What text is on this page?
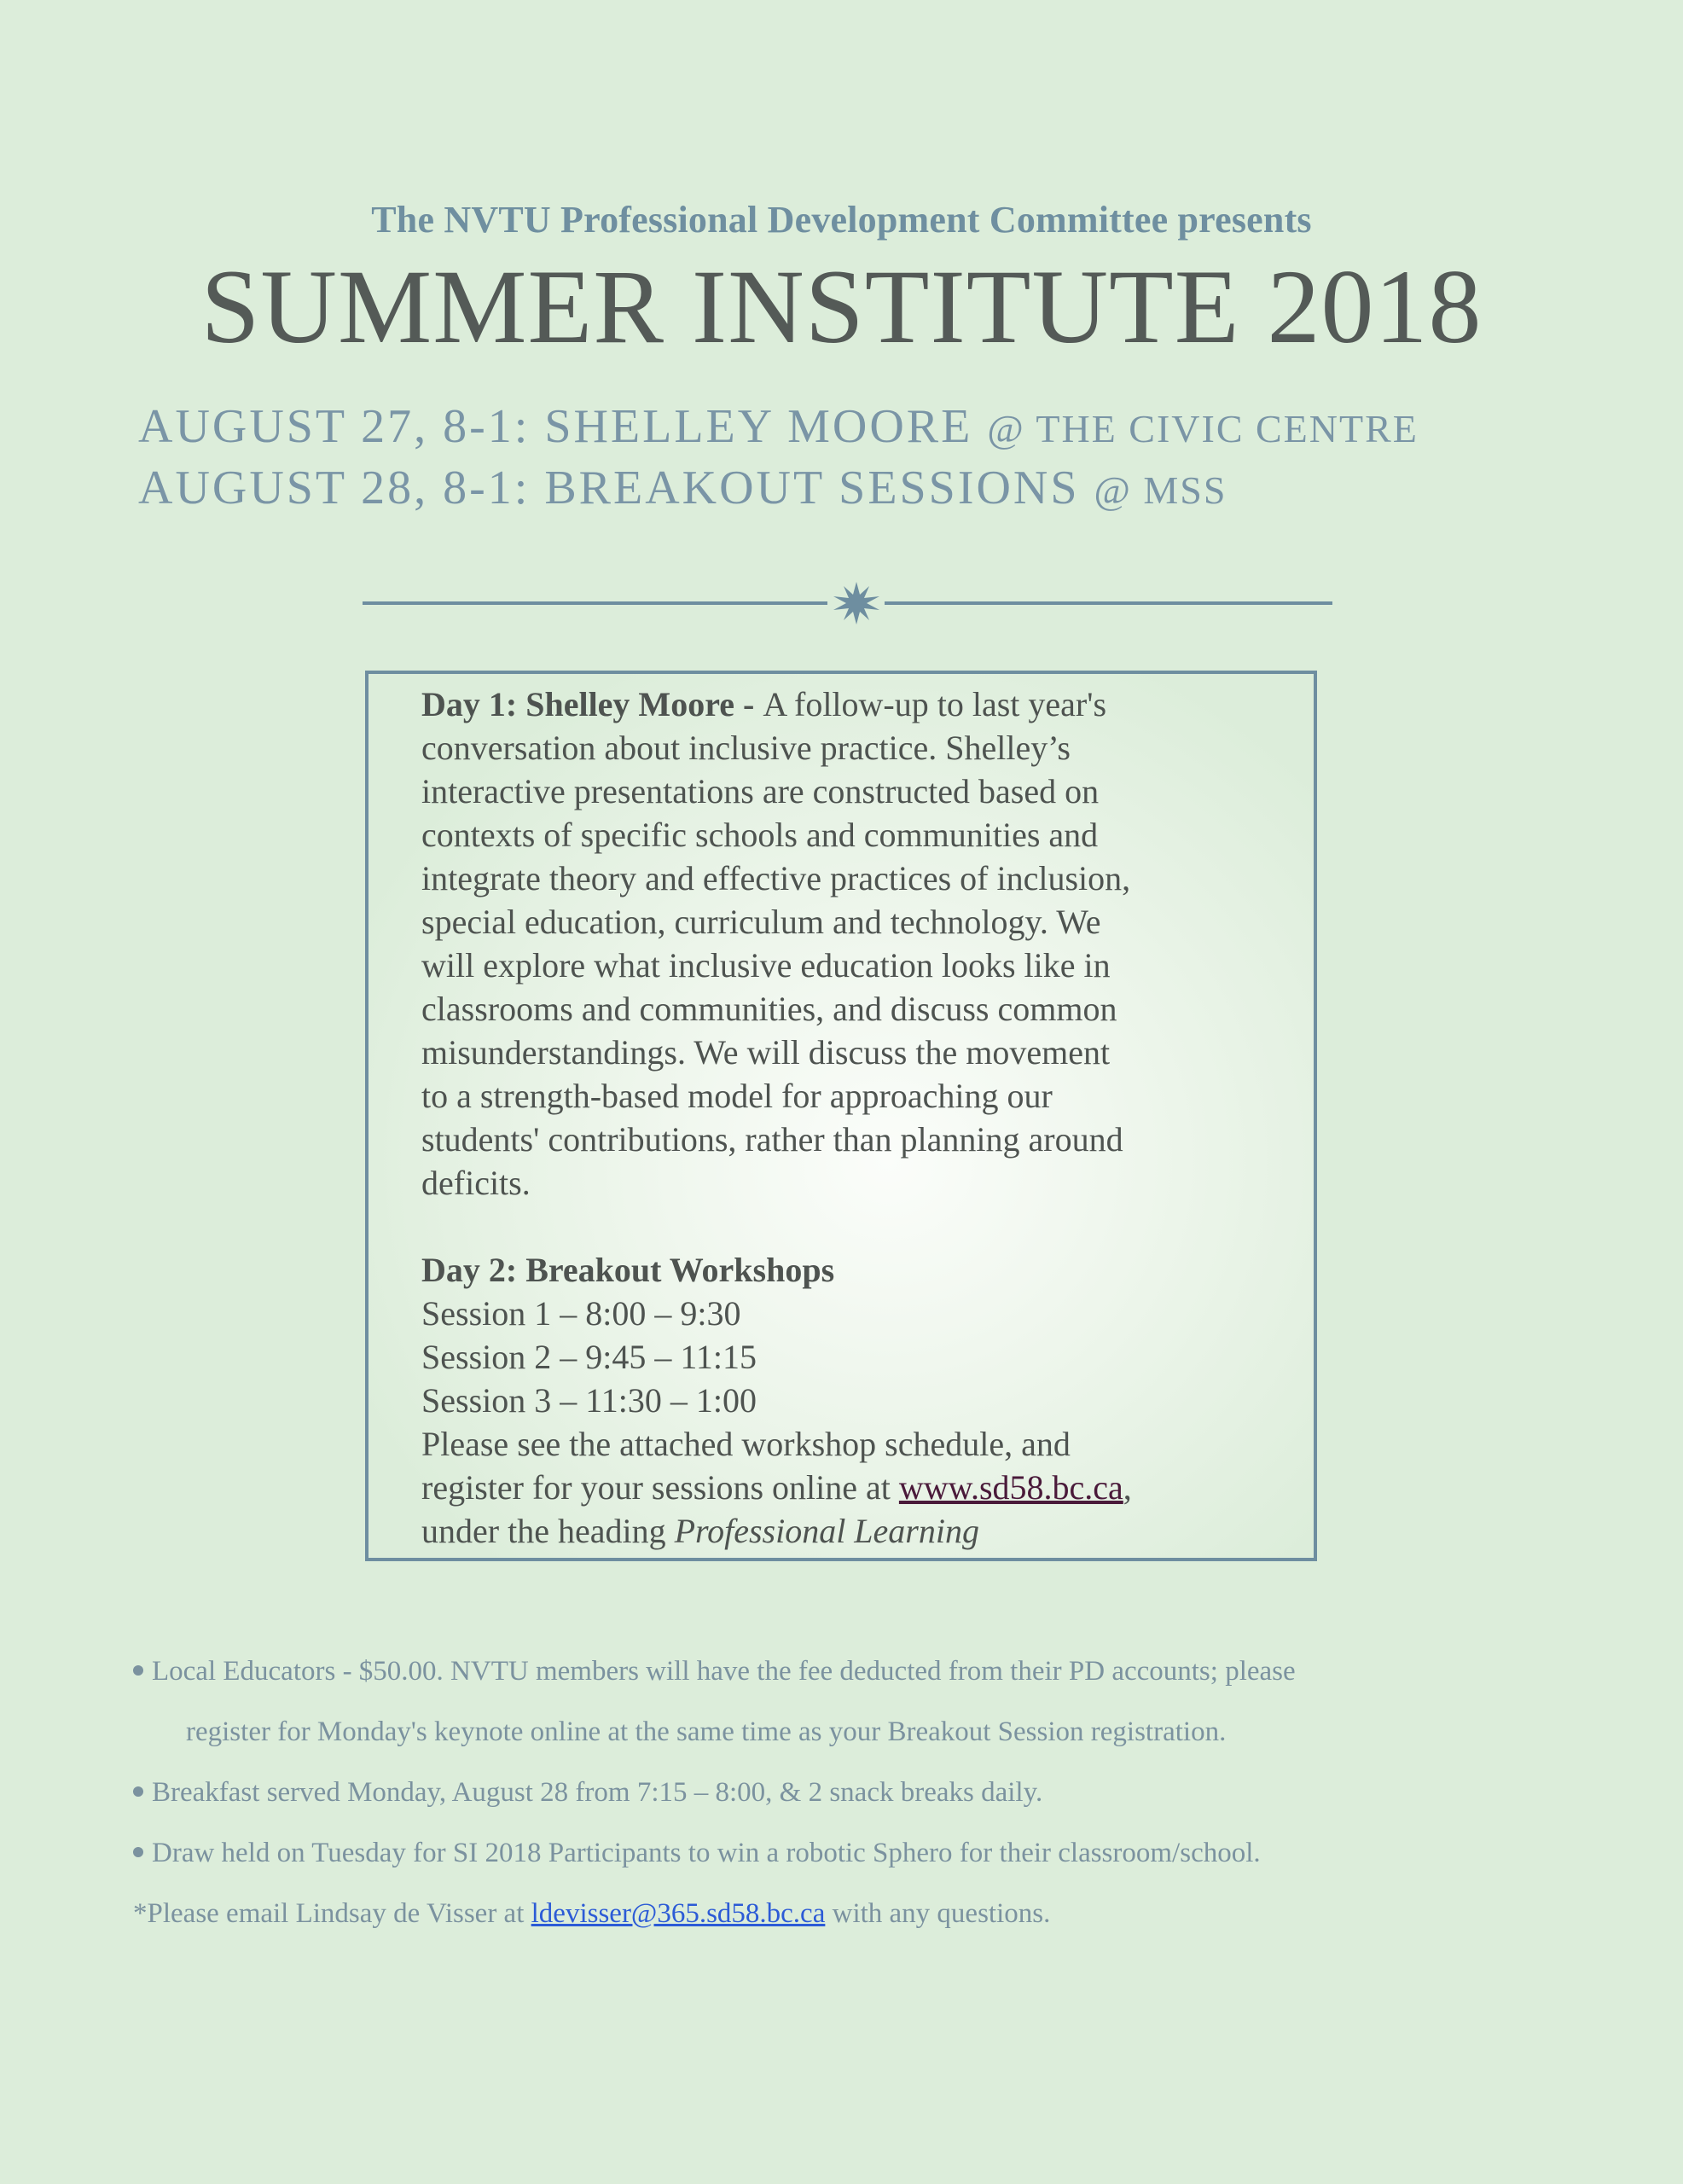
The NVTU Professional Development Committee presents
SUMMER INSTITUTE 2018
AUGUST 27, 8-1: SHELLEY MOORE @ THE CIVIC CENTRE
AUGUST 28, 8-1: BREAKOUT SESSIONS @ MSS

Day 1: Shelley Moore - A follow-up to last year's

conversation about inclusive practice. Shelley’s

interactive presentations are constructed based on

contexts of specific schools and communities and

integrate theory and effective practices of inclusion,

special education, curriculum and technology. We

will explore what inclusive education looks like in

classrooms and communities, and discuss common

misunderstandings. We will discuss the movement

to a strength-based model for approaching our

students' contributions, rather than planning around

deficits.

Day 2: Breakout Workshops

Session 1 – 8:00 – 9:30

Session 2 – 9:45 – 11:15

Session 3 – 11:30 – 1:00

Please see the attached workshop schedule, and

register for your sessions online at www.sd58.bc.ca,

under the heading Professional Learning

Local Educators - $50.00. NVTU members will have the fee deducted from their PD accounts; please
register for Monday's keynote online at the same time as your Breakout Session registration.
Breakfast served Monday, August 28 from 7:15 – 8:00, & 2 snack breaks daily.
Draw held on Tuesday for SI 2018 Participants to win a robotic Sphero for their classroom/school.
*Please email Lindsay de Visser at ldevisser@365.sd58.bc.ca with any questions.
